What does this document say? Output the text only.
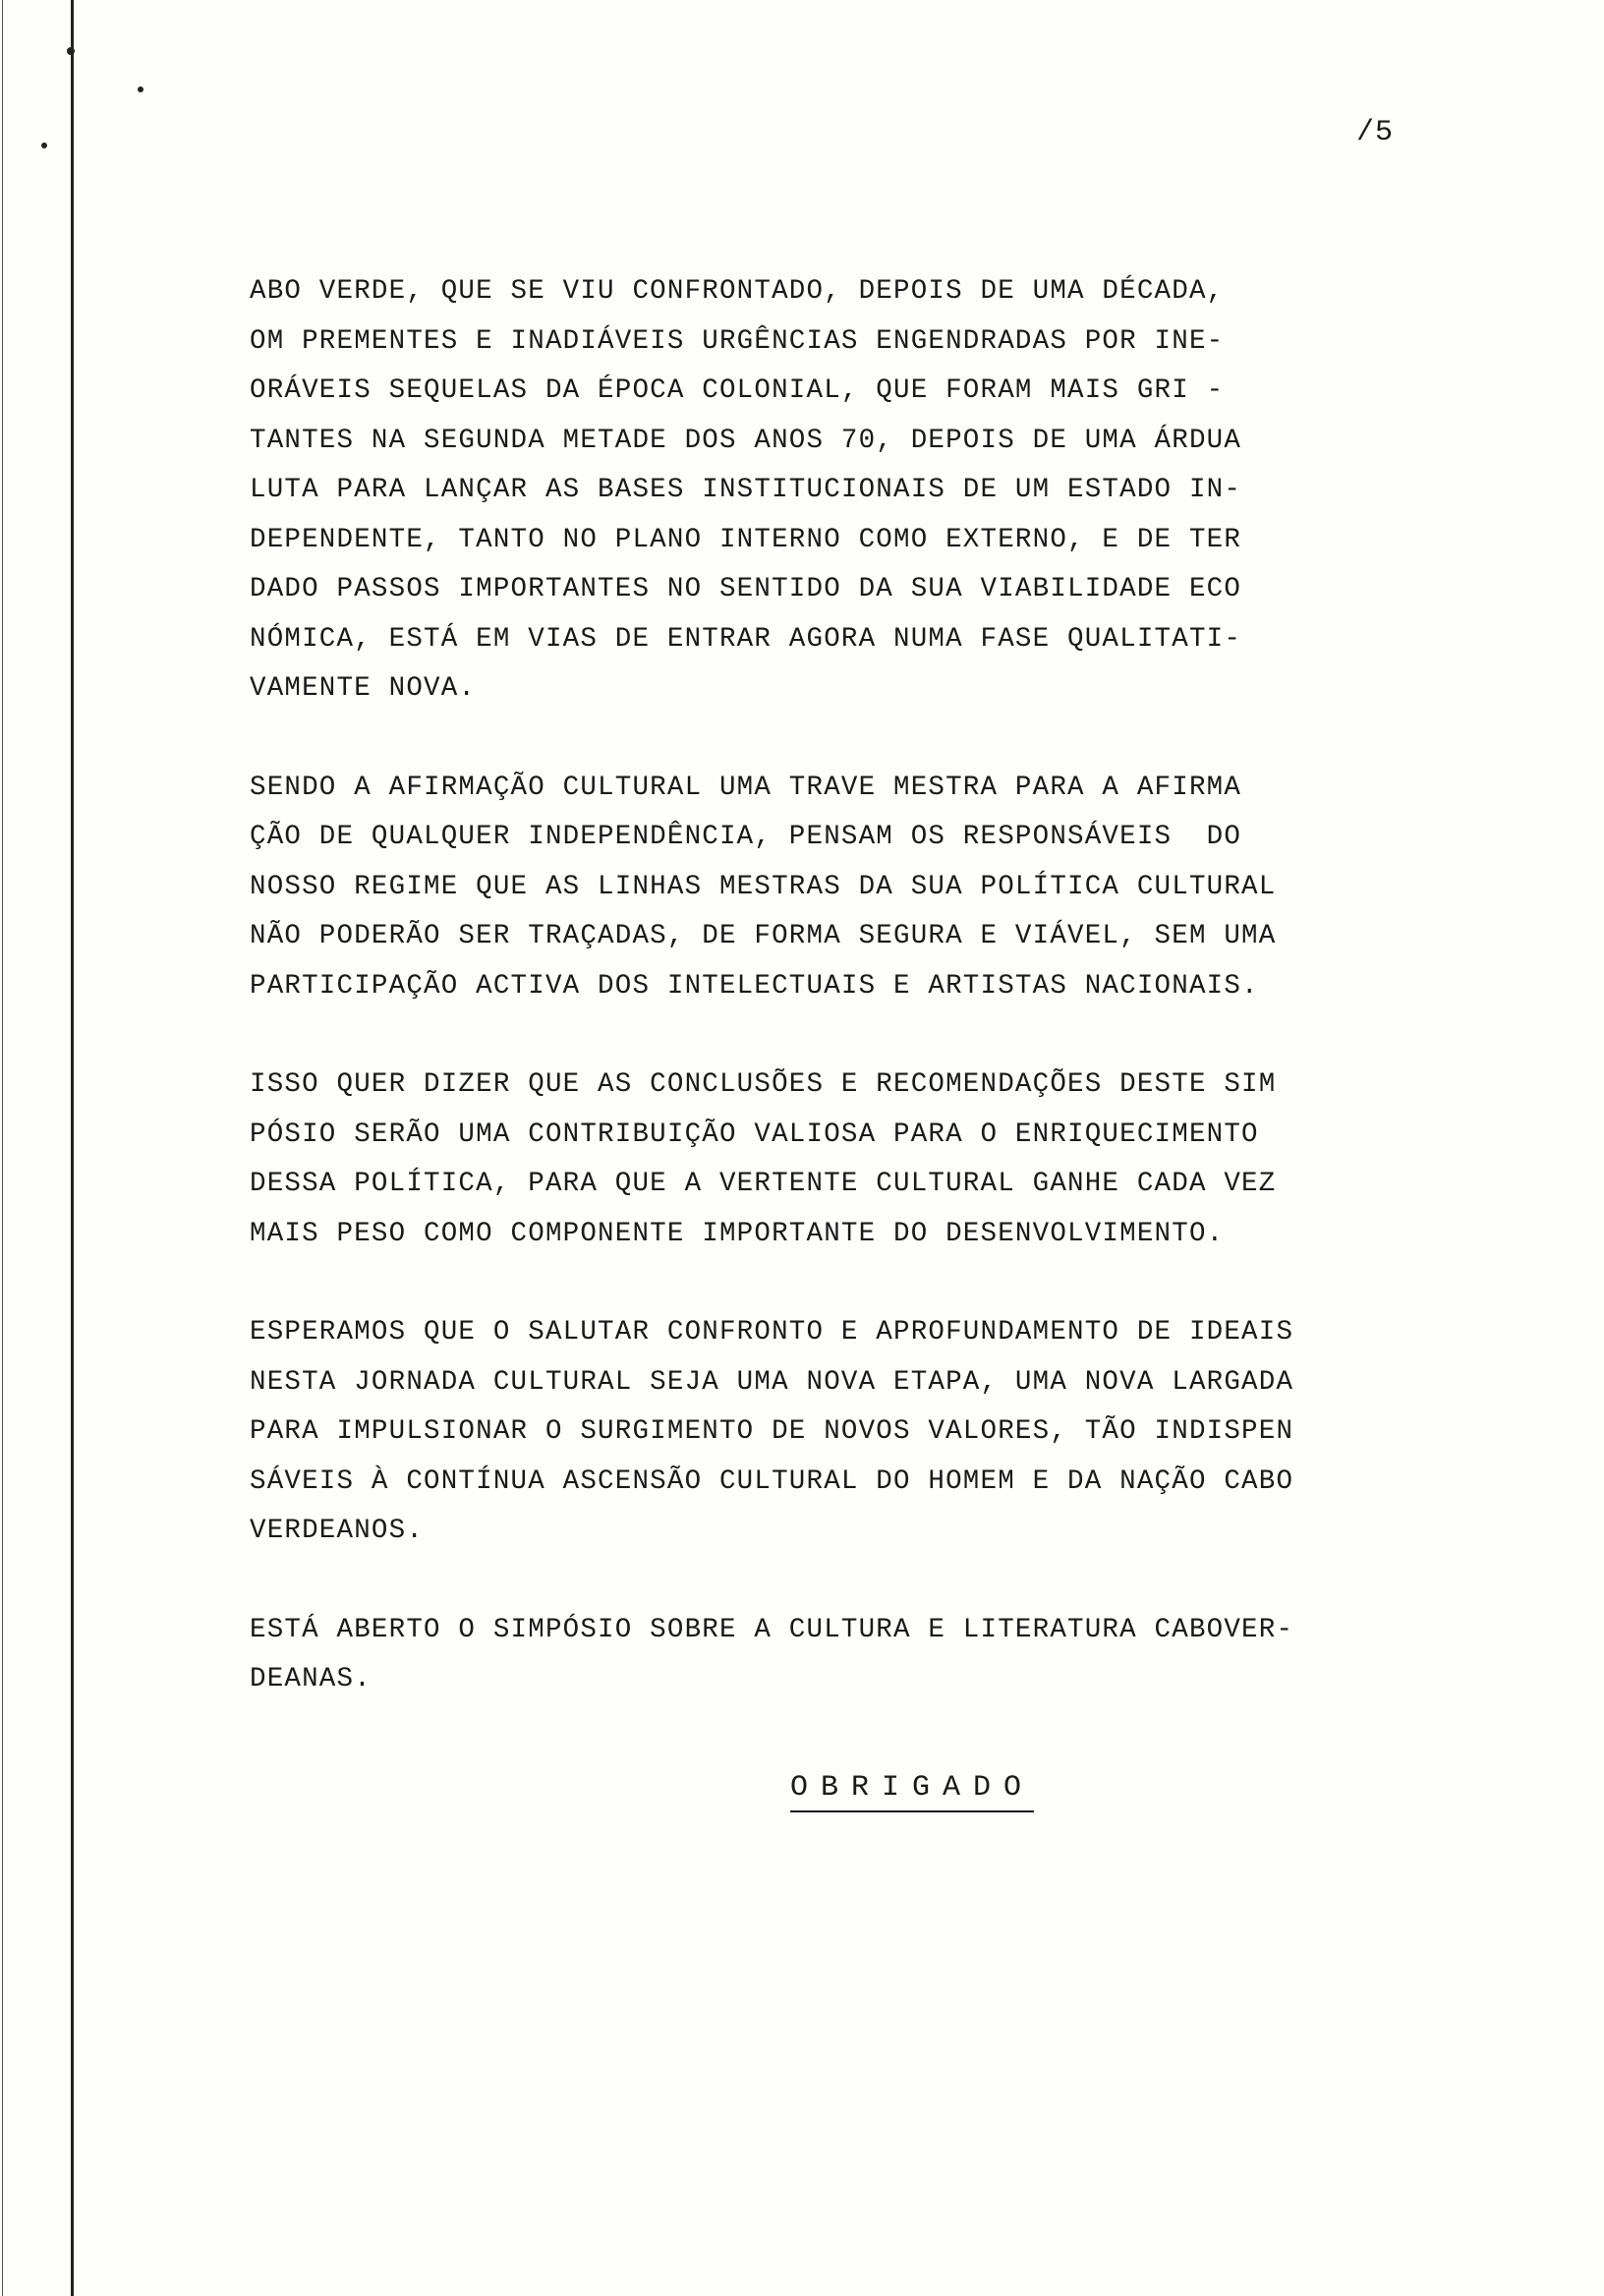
/5

ABO VERDE, QUE SE VIU CONFRONTADO, DEPOIS DE UMA DÉCADA,
OM PREMENTES E INADIÁVEIS URGÊNCIAS ENGENDRADAS POR INE-
ORÁVEIS SEQUELAS DA ÉPOCA COLONIAL, QUE FORAM MAIS GRI -
TANTES NA SEGUNDA METADE DOS ANOS 70, DEPOIS DE UMA ÁRDUA
LUTA PARA LANÇAR AS BASES INSTITUCIONAIS DE UM ESTADO IN-
DEPENDENTE, TANTO NO PLANO INTERNO COMO EXTERNO, E DE TER
DADO PASSOS IMPORTANTES NO SENTIDO DA SUA VIABILIDADE ECO
NÓMICA, ESTÁ EM VIAS DE ENTRAR AGORA NUMA FASE QUALITATI-
VAMENTE NOVA.

SENDO A AFIRMAÇÃO CULTURAL UMA TRAVE MESTRA PARA A AFIRMA
ÇÃO DE QUALQUER INDEPENDÊNCIA, PENSAM OS RESPONSÁVEIS  DO
NOSSO REGIME QUE AS LINHAS MESTRAS DA SUA POLÍTICA CULTURAL
NÃO PODERÃO SER TRAÇADAS, DE FORMA SEGURA E VIÁVEL, SEM UMA
PARTICIPAÇÃO ACTIVA DOS INTELECTUAIS E ARTISTAS NACIONAIS.

ISSO QUER DIZER QUE AS CONCLUSÕES E RECOMENDAÇÕES DESTE SIM
PÓSIO SERÃO UMA CONTRIBUIÇÃO VALIOSA PARA O ENRIQUECIMENTO
DESSA POLÍTICA, PARA QUE A VERTENTE CULTURAL GANHE CADA VEZ
MAIS PESO COMO COMPONENTE IMPORTANTE DO DESENVOLVIMENTO.

ESPERAMOS QUE O SALUTAR CONFRONTO E APROFUNDAMENTO DE IDEAIS
NESTA JORNADA CULTURAL SEJA UMA NOVA ETAPA, UMA NOVA LARGADA
PARA IMPULSIONAR O SURGIMENTO DE NOVOS VALORES, TÃO INDISPEN
SÁVEIS À CONTÍNUA ASCENSÃO CULTURAL DO HOMEM E DA NAÇÃO CABO
VERDEANOS.

ESTÁ ABERTO O SIMPÓSIO SOBRE A CULTURA E LITERATURA CABOVER-
DEANAS.

OBRIGADO
